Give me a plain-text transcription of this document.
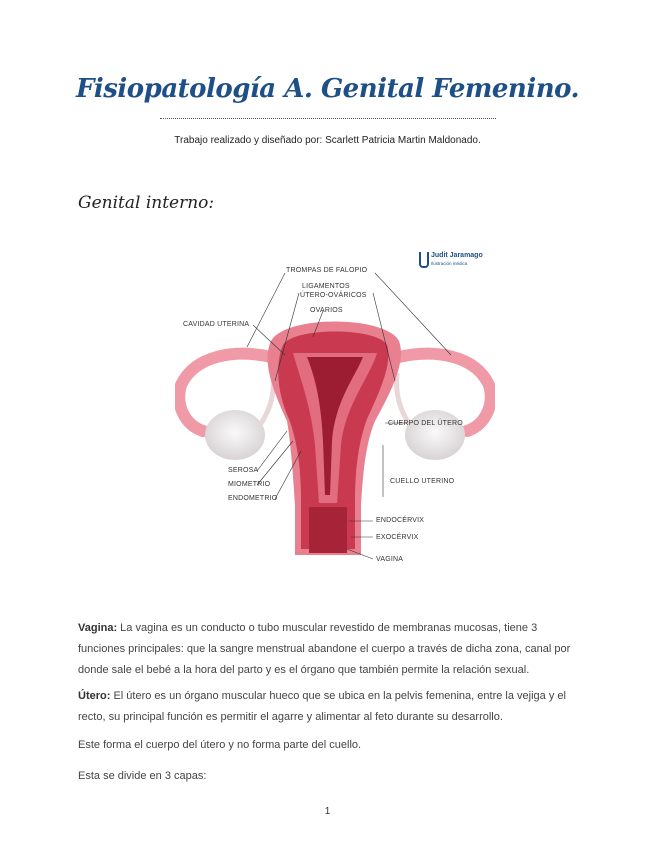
Fisiopatología A. Genital Femenino.
Trabajo realizado y diseñado por: Scarlett Patricia Martin Maldonado.
Genital interno:
Judit Jaramago
Ilustración médica
TROMPAS DE FALOPIO
LIGAMENTOS
ÚTERO-OVÁRICOS
OVARIOS
CAVIDAD UTERINA
CUERPO DEL ÚTERO
CUELLO UTERINO
SEROSA
MIOMETRIO
ENDOMETRIO
ENDOCÉRVIX
EXOCÉRVIX
VAGINA
Vagina: La vagina es un conducto o tubo muscular revestido de membranas mucosas, tiene 3 funciones principales: que la sangre menstrual abandone el cuerpo a través de dicha zona, canal por donde sale el bebé a la hora del parto y es el órgano que también permite la relación sexual.
Útero: El útero es un órgano muscular hueco que se ubica en la pelvis femenina, entre la vejiga y el recto, su principal función es permitir el agarre y alimentar al feto durante su desarrollo.
Este forma el cuerpo del útero y no forma parte del cuello.
Esta se divide en 3 capas:
1
